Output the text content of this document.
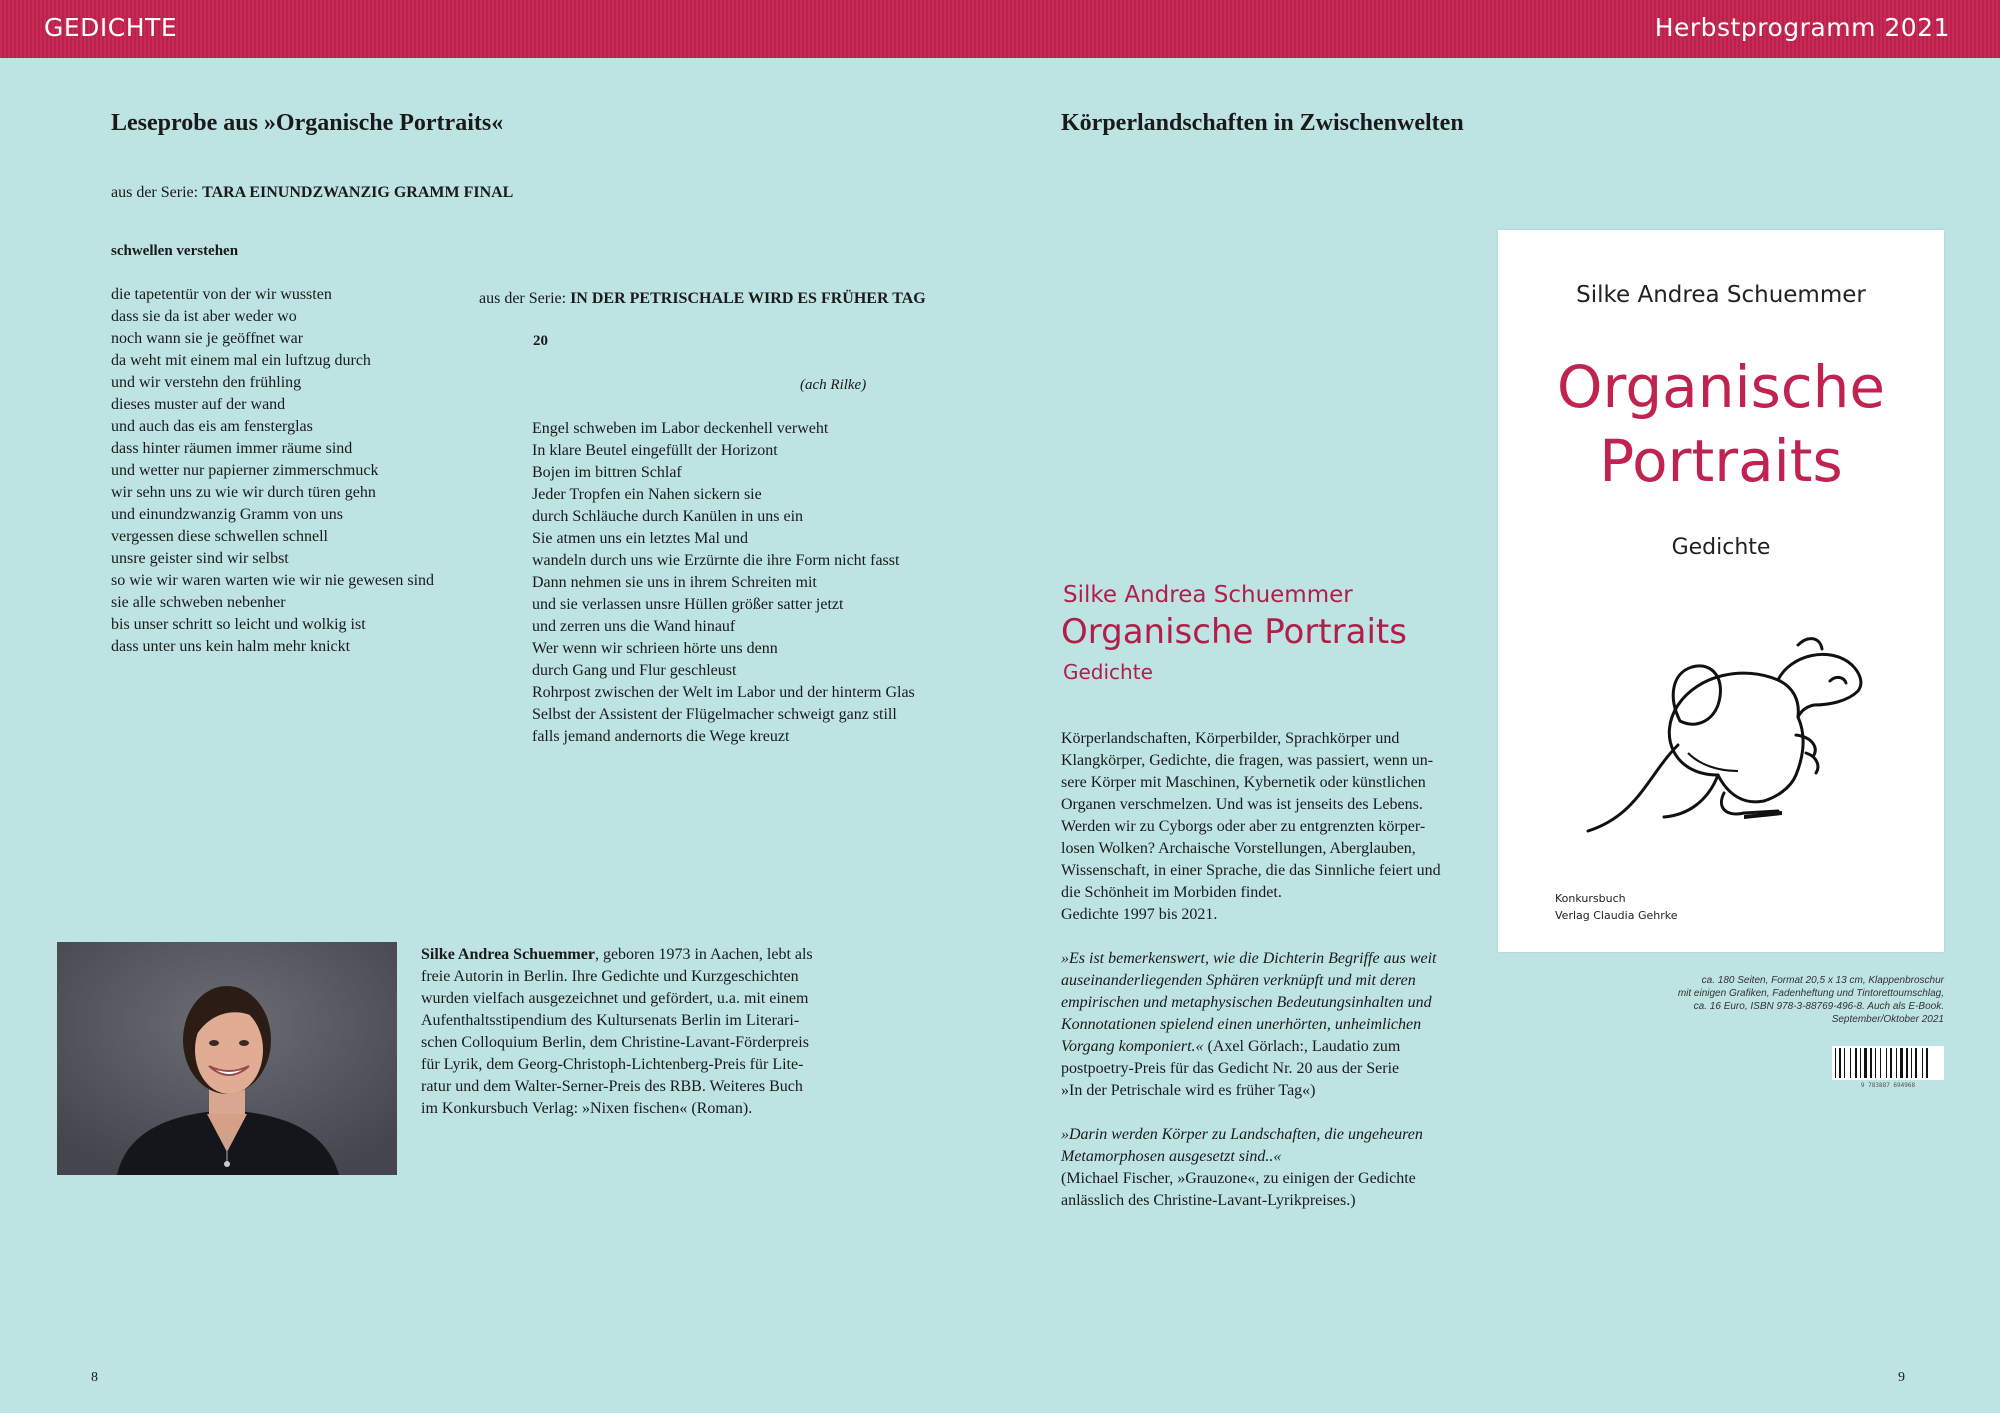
GEDICHTE	Herbstprogramm 2021
Leseprobe aus »Organische Portraits«
aus der Serie: TARA EINUNDZWANZIG GRAMM FINAL
schwellen verstehen
die tapetentür von der wir wussten
dass sie da ist aber weder wo
noch wann sie je geöffnet war
da weht mit einem mal ein luftzug durch
und wir verstehn den frühling
dieses muster auf der wand
und auch das eis am fensterglas
dass hinter räumen immer räume sind
und wetter nur papierner zimmerschmuck
wir sehn uns zu wie wir durch türen gehn
und einundzwanzig Gramm von uns
vergessen diese schwellen schnell
unsre geister sind wir selbst
so wie wir waren warten wie wir nie gewesen sind
sie alle schweben nebenher
bis unser schritt so leicht und wolkig ist
dass unter uns kein halm mehr knickt
aus der Serie: IN DER PETRISCHALE WIRD ES FRÜHER TAG
20
(ach Rilke)
Engel schweben im Labor deckenhell verweht
In klare Beutel eingefüllt der Horizont
Bojen im bittren Schlaf
Jeder Tropfen ein Nahen sickern sie
durch Schläuche durch Kanülen in uns ein
Sie atmen uns ein letztes Mal und
wandeln durch uns wie Erzürnte die ihre Form nicht fasst
Dann nehmen sie uns in ihrem Schreiten mit
und sie verlassen unsre Hüllen größer satter jetzt
und zerren uns die Wand hinauf
Wer wenn wir schrieen hörte uns denn
durch Gang und Flur geschleust
Rohrpost zwischen der Welt im Labor und der hinterm Glas
Selbst der Assistent der Flügelmacher schweigt ganz still
falls jemand andernorts die Wege kreuzt
Silke Andrea Schuemmer, geboren 1973 in Aachen, lebt als
freie Autorin in Berlin. Ihre Gedichte und Kurzgeschichten
wurden vielfach ausgezeichnet und gefördert, u.a. mit einem
Aufenthaltsstipendium des Kultursenats Berlin im Literari-
schen Colloquium Berlin, dem Christine-Lavant-Förderpreis
für Lyrik, dem Georg-Christoph-Lichtenberg-Preis für Lite-
ratur und dem Walter-Serner-Preis des RBB. Weiteres Buch
im Konkursbuch Verlag: »Nixen fischen« (Roman).
8
Körperlandschaften in Zwischenwelten
Silke Andrea Schuemmer
Organische Portraits
Gedichte
Körperlandschaften, Körperbilder, Sprachkörper und
Klangkörper, Gedichte, die fragen, was passiert, wenn un-
sere Körper mit Maschinen, Kybernetik oder künstlichen
Organen verschmelzen. Und was ist jenseits des Lebens.
Werden wir zu Cyborgs oder aber zu entgrenzten körper-
losen Wolken? Archaische Vorstellungen, Aberglauben,
Wissenschaft, in einer Sprache, die das Sinnliche feiert und
die Schönheit im Morbiden findet.
Gedichte 1997 bis 2021.
»Es ist bemerkenswert, wie die Dichterin Begriffe aus weit
auseinanderliegenden Sphären verknüpft und mit deren
empirischen und metaphysischen Bedeutungsinhalten und
Konnotationen spielend einen unerhörten, unheimlichen
Vorgang komponiert.« (Axel Görlach:, Laudatio zum
postpoetry-Preis für das Gedicht Nr. 20 aus der Serie
»In der Petrischale wird es früher Tag«)
»Darin werden Körper zu Landschaften, die ungeheuren
Metamorphosen ausgesetzt sind..«
(Michael Fischer, »Grauzone«, zu einigen der Gedichte
anlässlich des Christine-Lavant-Lyrikpreises.)
Silke Andrea Schuemmer
Organische
Portraits
Gedichte
Konkursbuch
Verlag Claudia Gehrke
ca. 180 Seiten, Format 20,5 x 13 cm, Klappenbroschur
mit einigen Grafiken, Fadenheftung und Tintorettoumschlag,
ca. 16 Euro, ISBN 978-3-88769-496-8. Auch als E-Book.
September/Oktober 2021
9 783887 694968
9
